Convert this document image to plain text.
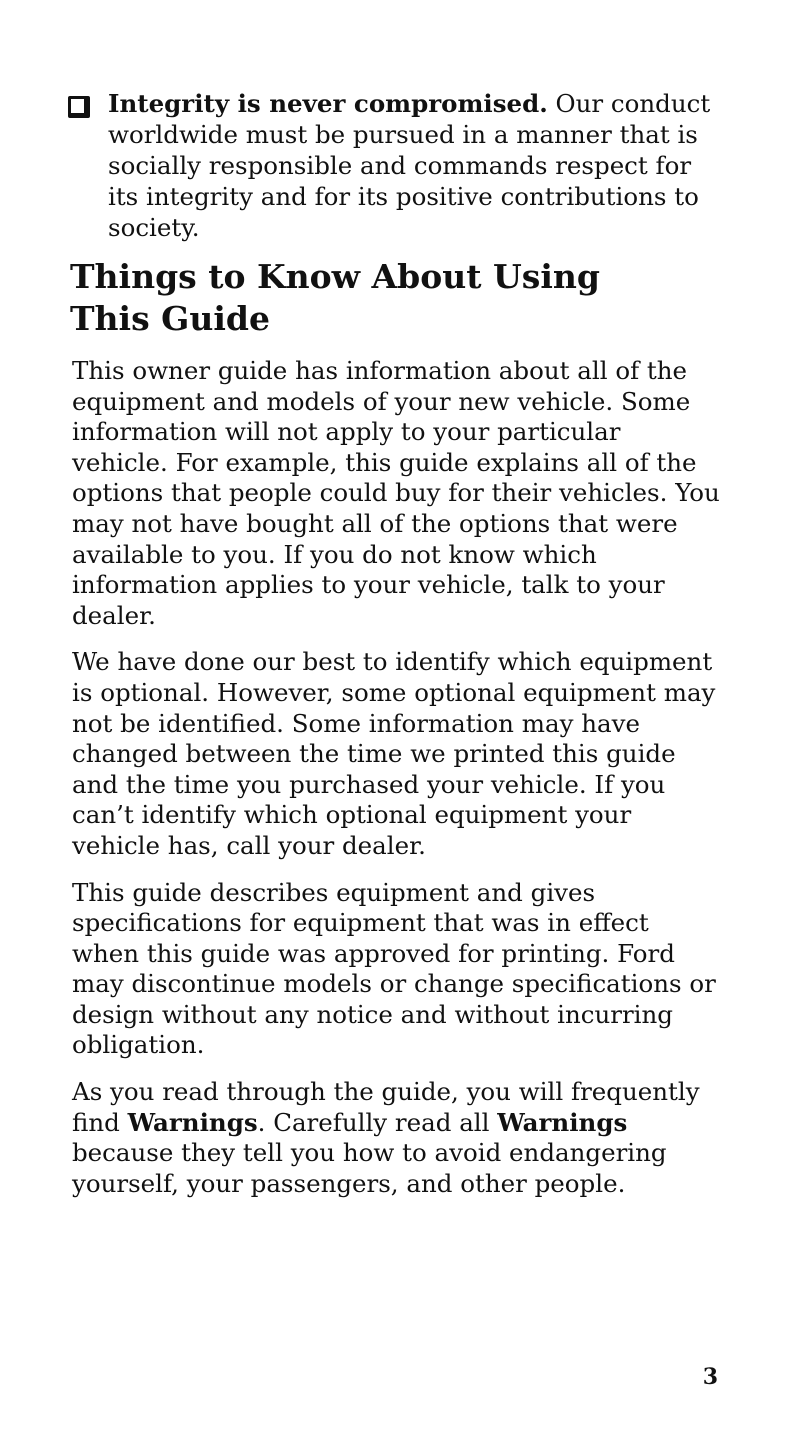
Integrity is never compromised. Our conduct worldwide must be pursued in a manner that is socially responsible and commands respect for its integrity and for its positive contributions to society.
Things to Know About Using
This Guide

This owner guide has information about all of the equipment and models of your new vehicle. Some information will not apply to your particular vehicle. For example, this guide explains all of the options that people could buy for their vehicles. You may not have bought all of the options that were available to you. If you do not know which information applies to your vehicle, talk to your dealer.

We have done our best to identify which equipment is optional. However, some optional equipment may not be identified. Some information may have changed between the time we printed this guide and the time you purchased your vehicle. If you can’t identify which optional equipment your vehicle has, call your dealer.

This guide describes equipment and gives specifications for equipment that was in effect when this guide was approved for printing. Ford may discontinue models or change specifications or design without any notice and without incurring obligation.

As you read through the guide, you will frequently find Warnings. Carefully read all Warnings because they tell you how to avoid endangering yourself, your passengers, and other people.

3
